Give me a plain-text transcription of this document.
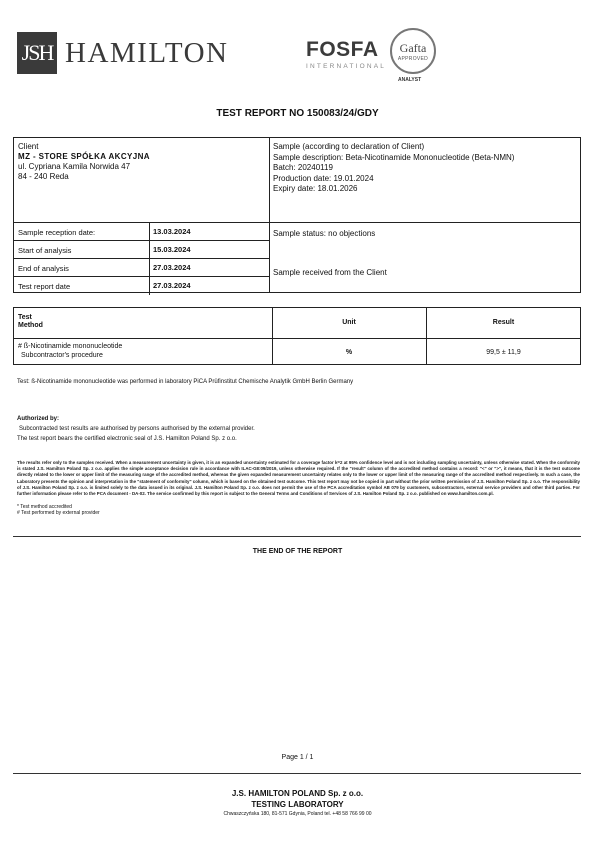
JSH HAMILTON	FOSFA
INTERNATIONAL
Gafta
APPROVED
ANALYST
TEST REPORT NO 150083/24/GDY
Client
MZ - STORE SPÓŁKA AKCYJNA
ul. Cypriana Kamila Norwida 47
84 - 240 Reda
Sample (according to declaration of Client)
Sample description: Beta-Nicotinamide Mononucleotide (Beta-NMN)
Batch: 20240119
Production date: 19.01.2024
Expiry date: 18.01.2026
Sample reception date:	13.03.2024
Start of analysis	15.03.2024
End of analysis	27.03.2024
Test report date	27.03.2024
Sample status: no objections
Sample received from the Client
Test
Method	Unit	Result
# ß-Nicotinamide mononucleotide
Subcontractor's procedure	%	99,5 ± 11,9
Test: ß-Nicotinamide mononucleotide was performed in laboratory PiCA Prüfinstitut Chemische Analytik GmbH Berlin Germany
Authorized by:
Subcontracted test results are authorised by persons authorised by the external provider.
The test report bears the certified electronic seal of J.S. Hamilton Poland Sp. z o.o.
The results refer only to the samples received. When a measurement uncertainty is given, it is an expanded uncertainty estimated for a coverage factor k=2 at 95% confidence level and is not including sampling uncertainty, unless otherwise stated. When the conformity is stated J.S. Hamilton Poland Sp. z o.o. applies the simple acceptance decision rule in accordance with ILAC-G8:09/2019, unless otherwise required. If the "result" column of the accredited method contains a record: "<" or ">", it means, that it is the test outcome directly related to the lower or upper limit of the measuring range of the accredited method, whereas the given expanded measurement uncertainty relates only to the lower or upper limit of the measuring range of the accredited method respectively. In such a case, the Laboratory presents the opinion and interpretation in the "statement of conformity" column, which is based on the obtained test outcome. This test report may not be copied in part without the prior written permission of J.S. Hamilton Poland Sp. z o.o. The responsibility of J.S. Hamilton Poland Sp. z o.o. is limited solely to the data issued in its original. J.S. Hamilton Poland Sp. z o.o. does not permit the use of the PCA accreditation symbol AB 079 by customers, subcontractors, external service providers and other third parties. For further information please refer to the PCA document - DA-02. The service confirmed by this report is subject to the General Terms and Conditions of Services of J.S. Hamilton Poland Sp. z o.o. published on www.hamilton.com.pl.
* Test method accredited
# Test performed by external provider
THE END OF THE REPORT
Page 1 / 1
J.S. HAMILTON POLAND Sp. z o.o.
TESTING LABORATORY
Chwaszczyńska 180, 81-571 Gdynia, Poland tel. +48 58 766 99 00
